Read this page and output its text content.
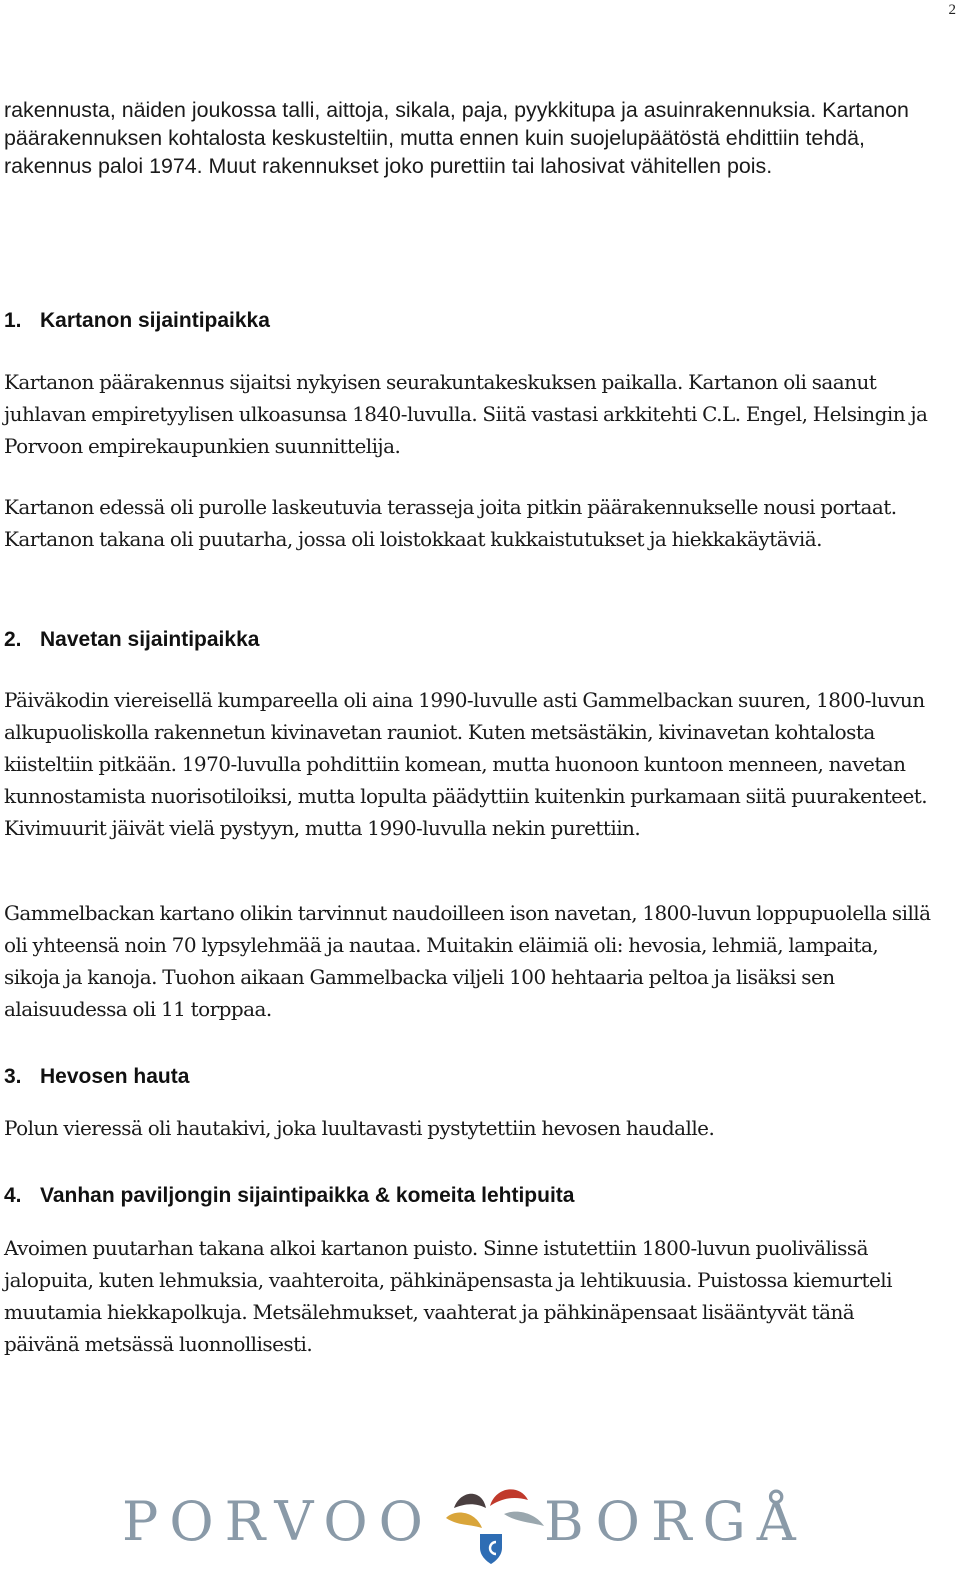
2

rakennusta, näiden joukossa talli, aittoja, sikala, paja, pyykkitupa ja asuinrakennuksia. Kartanon päärakennuksen kohtalosta keskusteltiin, mutta ennen kuin suojelupäätöstä ehdittiin tehdä, rakennus paloi 1974. Muut rakennukset joko purettiin tai lahosivat vähitellen pois.

1. Kartanon sijaintipaikka

Kartanon päärakennus sijaitsi nykyisen seurakuntakeskuksen paikalla. Kartanon oli saanut juhlavan empiretyylisen ulkoasunsa 1840-luvulla. Siitä vastasi arkkitehti C.L. Engel, Helsingin ja Porvoon empirekaupunkien suunnittelija.

Kartanon edessä oli purolle laskeutuvia terasseja joita pitkin päärakennukselle nousi portaat. Kartanon takana oli puutarha, jossa oli loistokkaat kukkaistutukset ja hiekkakäytäviä.

2. Navetan sijaintipaikka

Päiväkodin viereisellä kumpareella oli aina 1990-luvulle asti Gammelbackan suuren, 1800-luvun alkupuoliskolla rakennetun kivinavetan rauniot. Kuten metsästäkin, kivinavetan kohtalosta kiisteltiin pitkään. 1970-luvulla pohdittiin komean, mutta huonoon kuntoon menneen, navetan kunnostamista nuorisotiloiksi, mutta lopulta päädyttiin kuitenkin purkamaan siitä puurakenteet. Kivimuurit jäivät vielä pystyyn, mutta 1990-luvulla nekin purettiin.

Gammelbackan kartano olikin tarvinnut naudoilleen ison navetan, 1800-luvun loppupuolella sillä oli yhteensä noin 70 lypsylehmää ja nautaa. Muitakin eläimiä oli: hevosia, lehmiä, lampaita, sikoja ja kanoja. Tuohon aikaan Gammelbacka viljeli 100 hehtaaria peltoa ja lisäksi sen alaisuudessa oli 11 torppaa.

3. Hevosen hauta

Polun vieressä oli hautakivi, joka luultavasti pystytettiin hevosen haudalle.

4. Vanhan paviljongin sijaintipaikka & komeita lehtipuita

Avoimen puutarhan takana alkoi kartanon puisto. Sinne istutettiin 1800-luvun puolivälissä jalopuita, kuten lehmuksia, vaahteroita, pähkinäpensasta ja lehtikuusia. Puistossa kiemurteli muutamia hiekkapolkuja. Metsälehmukset, vaahterat ja pähkinäpensaat lisääntyvät tänä päivänä metsässä luonnollisesti.

PORVOO BORGÅ
